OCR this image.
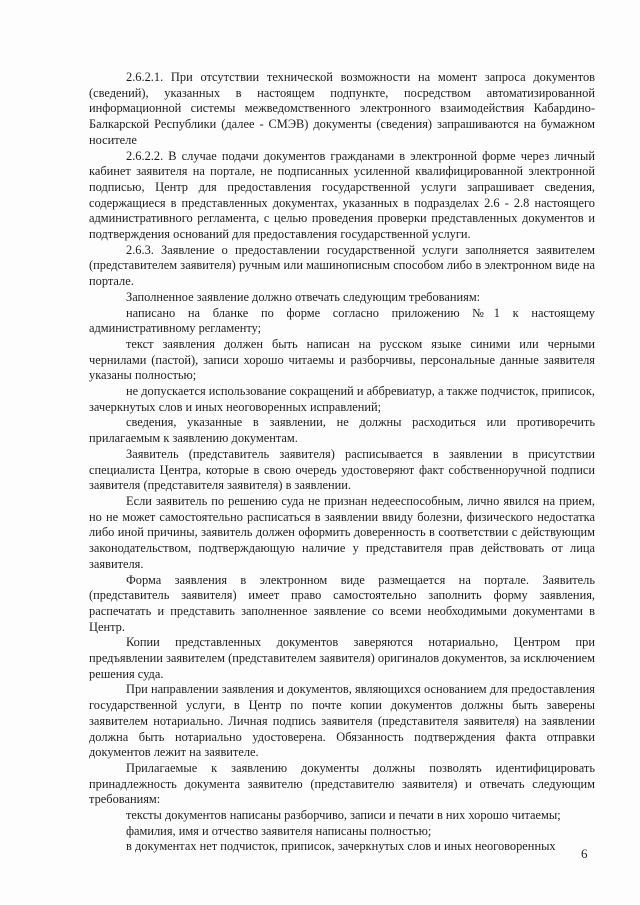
2.6.2.1. При отсутствии технической возможности на момент запроса документов (сведений), указанных в настоящем подпункте, посредством автоматизированной информационной системы межведомственного электронного взаимодействия Кабардино-Балкарской Республики (далее - СМЭВ) документы (сведения) запрашиваются на бумажном носителе

2.6.2.2. В случае подачи документов гражданами в электронной форме через личный кабинет заявителя на портале, не подписанных усиленной квалифицированной электронной подписью, Центр для предоставления государственной услуги запрашивает сведения, содержащиеся в представленных документах, указанных в подразделах 2.6 - 2.8 настоящего административного регламента, с целью проведения проверки представленных документов и подтверждения оснований для предоставления государственной услуги.

2.6.3. Заявление о предоставлении государственной услуги заполняется заявителем (представителем заявителя) ручным или машинописным способом либо в электронном виде на портале.

Заполненное заявление должно отвечать следующим требованиям:

написано на бланке по форме согласно приложению №1 к настоящему административному регламенту;

текст заявления должен быть написан на русском языке синими или черными чернилами (пастой), записи хорошо читаемы и разборчивы, персональные данные заявителя указаны полностью;

не допускается использование сокращений и аббревиатур, а также подчисток, приписок, зачеркнутых слов и иных неоговоренных исправлений;

сведения, указанные в заявлении, не должны расходиться или противоречить прилагаемым к заявлению документам.

Заявитель (представитель заявителя) расписывается в заявлении в присутствии специалиста Центра, которые в свою очередь удостоверяют факт собственноручной подписи заявителя (представителя заявителя) в заявлении.

Если заявитель по решению суда не признан недееспособным, лично явился на прием, но не может самостоятельно расписаться в заявлении ввиду болезни, физического недостатка либо иной причины, заявитель должен оформить доверенность в соответствии с действующим законодательством, подтверждающую наличие у представителя прав действовать от лица заявителя.

Форма заявления в электронном виде размещается на портале. Заявитель (представитель заявителя) имеет право самостоятельно заполнить форму заявления, распечатать и представить заполненное заявление со всеми необходимыми документами в Центр.

Копии представленных документов заверяются нотариально, Центром при предъявлении заявителем (представителем заявителя) оригиналов документов, за исключением решения суда.

При направлении заявления и документов, являющихся основанием для предоставления государственной услуги, в Центр по почте копии документов должны быть заверены заявителем нотариально. Личная подпись заявителя (представителя заявителя) на заявлении должна быть нотариально удостоверена. Обязанность подтверждения факта отправки документов лежит на заявителе.

Прилагаемые к заявлению документы должны позволять идентифицировать принадлежность документа заявителю (представителю заявителя) и отвечать следующим требованиям:

тексты документов написаны разборчиво, записи и печати в них хорошо читаемы;

фамилия, имя и отчество заявителя написаны полностью;

в документах нет подчисток, приписок, зачеркнутых слов и иных неоговоренных	6
